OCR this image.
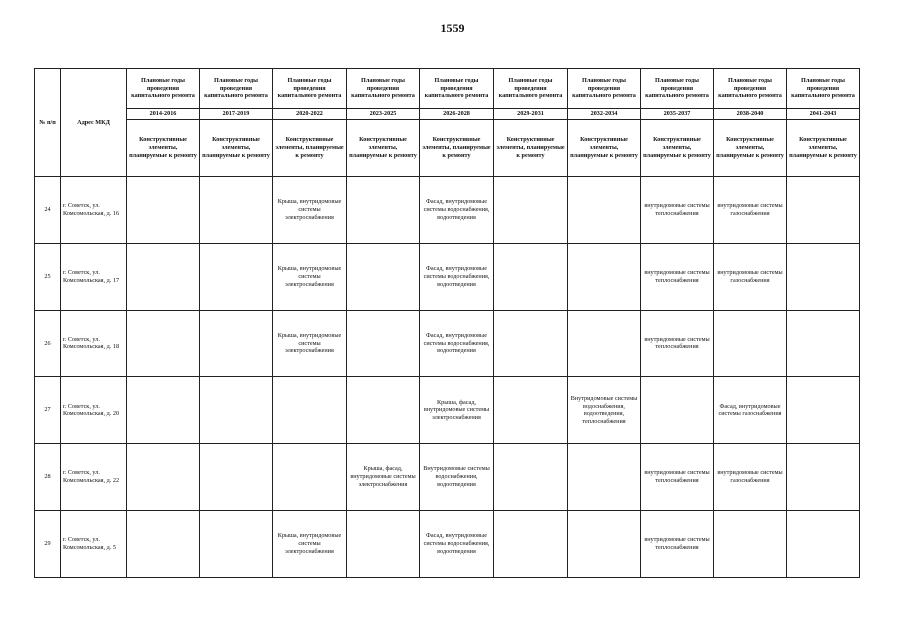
1559
№ п/п	Адрес МКД	Плановые годы проведения капитального ремонта	Плановые годы проведения капитального ремонта	Плановые годы проведения капитального ремонта	Плановые годы проведения капитального ремонта	Плановые годы проведения капитального ремонта	Плановые годы проведения капитального ремонта	Плановые годы проведения капитального ремонта	Плановые годы проведения капитального ремонта	Плановые годы проведения капитального ремонта	Плановые годы проведения капитального ремонта
		2014-2016	2017-2019	2020-2022	2023-2025	2026-2028	2029-2031	2032-2034	2035-2037	2038-2040	2041-2043
		Конструктивные элементы, планируемые к ремонту	Конструктивные элементы, планируемые к ремонту	Конструктивные элементы, планируемые к ремонту	Конструктивные элементы, планируемые к ремонту	Конструктивные элементы, планируемые к ремонту	Конструктивные элементы, планируемые к ремонту	Конструктивные элементы, планируемые к ремонту	Конструктивные элементы, планируемые к ремонту	Конструктивные элементы, планируемые к ремонту	Конструктивные элементы, планируемые к ремонту
24	г. Советск, ул. Комсомольская, д. 16			Крыша, внутридомовые системы электроснабжения		Фасад, внутридомовые системы водоснабжения, водоотведения			внутридомовые системы теплоснабжения	внутридомовые системы газоснабжения	
25	г. Советск, ул. Комсомольская, д. 17			Крыша, внутридомовые системы электроснабжения		Фасад, внутридомовые системы водоснабжения, водоотведения			внутридомовые системы теплоснабжения	внутридомовые системы газоснабжения	
26	г. Советск, ул. Комсомольская, д. 18			Крыша, внутридомовые системы электроснабжения		Фасад, внутридомовые системы водоснабжения, водоотведения			внутридомовые системы теплоснабжения		
27	г. Советск, ул. Комсомольская, д. 20					Крыша, фасад, внутридомовые системы электроснабжения		Внутридомовые системы водоснабжения, водоотведения, теплоснабжения		Фасад, внутридомовые системы газоснабжения	
28	г. Советск, ул. Комсомольская, д. 22				Крыша, фасад, внутридомовые системы электроснабжения	Внутридомовые системы водоснабжения, водоотведения			внутридомовые системы теплоснабжения	внутридомовые системы газоснабжения	
29	г. Советск, ул. Комсомольская, д. 5			Крыша, внутридомовые системы электроснабжения		Фасад, внутридомовые системы водоснабжения, водоотведения			внутридомовые системы теплоснабжения		
